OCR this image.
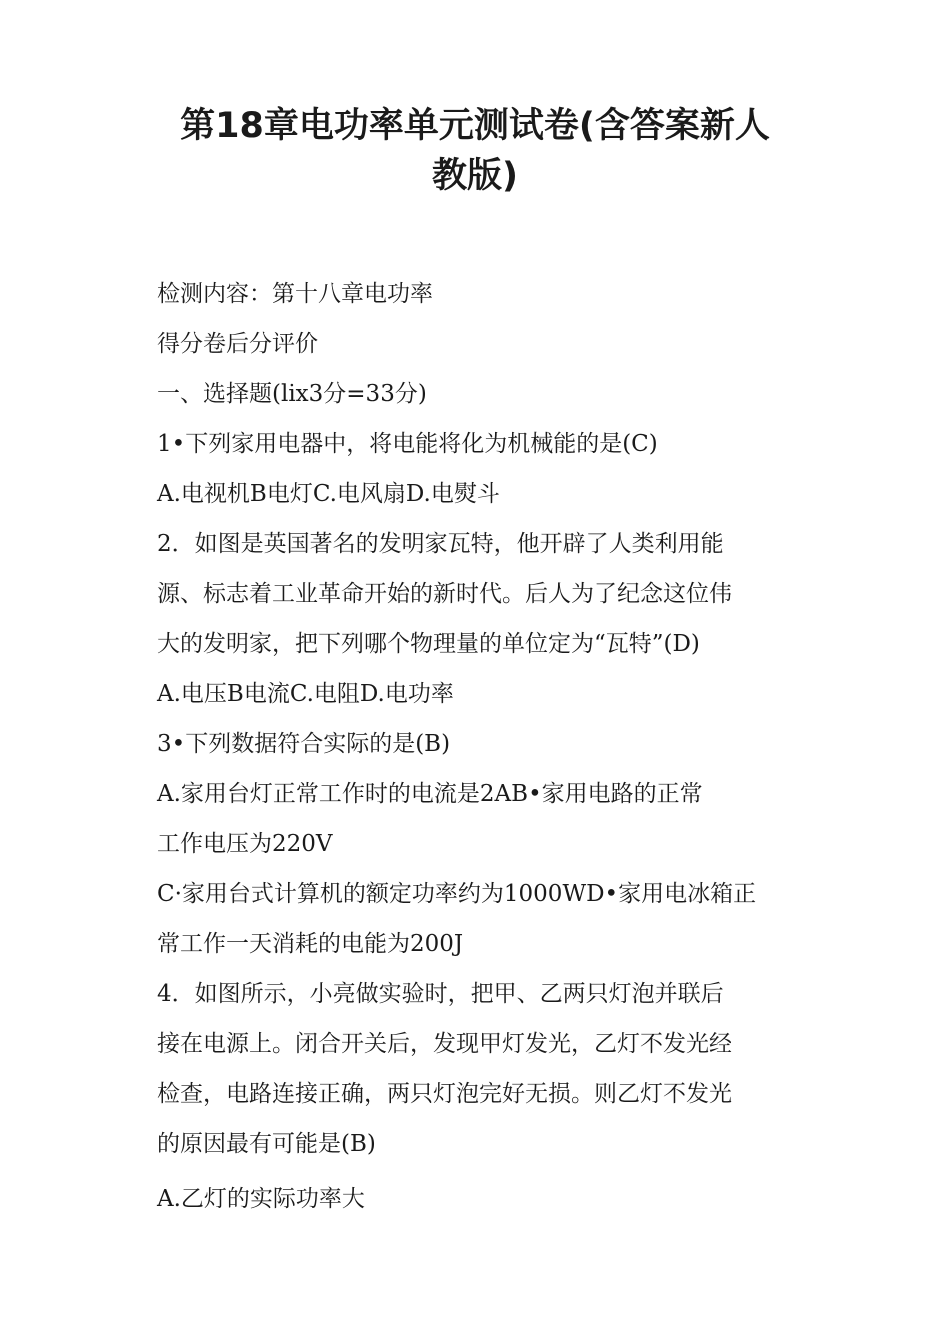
第18章电功率单元测试卷(含答案新人
教版)

检测内容：第十八章电功率

得分卷后分评价

一、选择题(lix3分=33分)

1•下列家用电器中，将电能将化为机械能的是(C)

A.电视机B电灯C.电风扇D.电熨斗

2．如图是英国著名的发明家瓦特，他开辟了人类利用能

源、标志着工业革命开始的新时代。后人为了纪念这位伟

大的发明家，把下列哪个物理量的单位定为“瓦特”(D)

A.电压B电流C.电阻D.电功率

3•下列数据符合实际的是(B)

A.家用台灯正常工作时的电流是2AB•家用电路的正常

工作电压为220V

C·家用台式计算机的额定功率约为1000WD•家用电冰箱正

常工作一天消耗的电能为200J

4．如图所示，小亮做实验时，把甲、乙两只灯泡并联后

接在电源上。闭合开关后，发现甲灯发光，乙灯不发光经

检查，电路连接正确，两只灯泡完好无损。则乙灯不发光

的原因最有可能是(B)

A.乙灯的实际功率大
